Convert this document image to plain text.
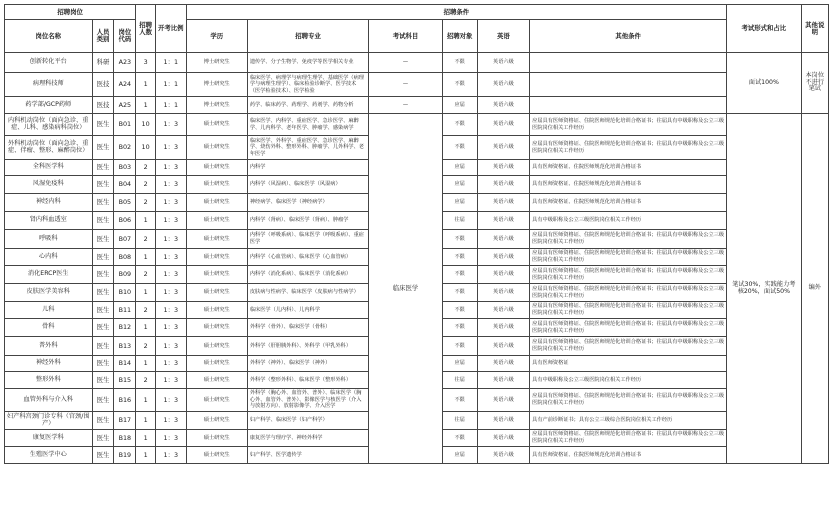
招聘岗位			招聘人数	开考比例	招聘条件						考试形式和占比	其他说明
岗位名称	人员类别	岗位代码			学历	招聘专业	考试科目	招聘对象	英语	其他条件		
创新转化平台	科研	A23	3	1：1	博士研究生	遗传学、分子生物学、免疫学等医学相关专业	—	不限	英语六级		面试100%	本岗位不进行笔试
病理科技师	医技	A24	1	1：1	博士研究生	临床医学、病理学与病理生理学、基础医学（病理学与病理生理学）、临床检验诊断学、医学技术（医学检验技术）、医学检验	—	不限	英语六级			
药学部/GCP药师	医技	A25	1	1：1	博士研究生	药学、临床药学、药理学、药剂学、药物分析	—	应届	英语六级			
内科机动岗位（面向急诊、重症、儿科、感染病科岗位）	医生	B01	10	1：3	硕士研究生	临床医学、内科学、重症医学、急诊医学、麻醉学、儿内科学、老年医学、肿瘤学、感染病学	临床医学	不限	英语六级	应届具有医师资格证、住院医师规范化培训合格证书；往届具有中级职称及公立三级医院岗位相关工作经历	笔试30%，实践能力考核20%，面试50%	编外
外科机动岗位（面向急诊、重症、伴瘤、整形、麻醉岗位）	医生	B02	10	1：3	硕士研究生	临床医学、外科学、重症医学、急诊医学、麻醉学、烧伤外科、整形外科、肿瘤学、儿外科学、老年医学		不限	英语六级	应届具有医师资格证、住院医师规范化培训合格证书；往届具有中级职称及公立三级医院岗位相关工作经历		
全科医学科	医生	B03	2	1：3	硕士研究生	内科学		应届	英语六级	具有医师资格证、住院医师规范化培训合格证书		
风湿免疫科	医生	B04	2	1：3	硕士研究生	内科学（风湿病）、临床医学（风湿病）		应届	英语六级	具有医师资格证、住院医师规范化培训合格证书		
神经内科	医生	B05	2	1：3	硕士研究生	神经病学、临床医学（神经病学）		应届	英语六级	具有医师资格证、住院医师规范化培训合格证书		
肾内科血透室	医生	B06	1	1：3	硕士研究生	内科学（肾病）、临床医学（肾病）、肿瘤学		往届	英语六级	具有中级职称及公立三级医院岗位相关工作经历		
呼吸科	医生	B07	2	1：3	硕士研究生	内科学（呼吸系病）、临床医学（呼吸系病）、重症医学		不限	英语六级	应届具有医师资格证、住院医师规范化培训合格证书；往届具有中级职称及公立三级医院岗位相关工作经历		
心内科	医生	B08	1	1：3	硕士研究生	内科学（心血管病）、临床医学（心血管病）		不限	英语六级	应届具有医师资格证、住院医师规范化培训合格证书；往届具有中级职称及公立三级医院岗位相关工作经历		
消化ERCP医生	医生	B09	2	1：3	硕士研究生	内科学（消化系病）、临床医学（消化系病）		不限	英语六级	应届具有医师资格证、住院医师规范化培训合格证书；往届具有中级职称及公立三级医院岗位相关工作经历		
皮肤医学美容科	医生	B10	1	1：3	硕士研究生	皮肤病与性病学、临床医学（皮肤病与性病学）		不限	英语六级	应届具有医师资格证、住院医师规范化培训合格证书；往届具有中级职称及公立三级医院岗位相关工作经历		
儿科	医生	B11	2	1：3	硕士研究生	临床医学（儿内科）、儿内科学		不限	英语六级	应届具有医师资格证、住院医师规范化培训合格证书；往届具有中级职称及公立三级医院岗位相关工作经历		
骨科	医生	B12	1	1：3	硕士研究生	外科学（骨外）、临床医学（骨科）		不限	英语六级	应届具有医师资格证、住院医师规范化培训合格证书；往届具有中级职称及公立三级医院岗位相关工作经历		
普外科	医生	B13	2	1：3	硕士研究生	外科学（肝胆胰外科）、外科学（甲乳外科）		不限	英语六级	应届具有医师资格证、住院医师规范化培训合格证书；往届具有中级职称及公立三级医院岗位相关工作经历		
神经外科	医生	B14	1	1：3	硕士研究生	外科学（神外）、临床医学（神外）		应届	英语六级	具有医师资格证		
整形外科	医生	B15	2	1：3	硕士研究生	外科学（整形外科）、临床医学（整形外科）		往届	英语六级	具有中级职称及公立三级医院岗位相关工作经历		
血管外科与介入科	医生	B16	1	1：3	硕士研究生	外科学（胸心外、血管外、普外）、临床医学（胸心外、血管外、普外）、影像医学与核医学（介入与放射方向）、放射影像学、介入医学		不限	英语六级	应届具有医师资格证、住院医师规范化培训合格证书；往届具有中级职称及公立三级医院岗位相关工作经历		
妇产科宫颈门诊专科（宫颈/围产）	医生	B17	1	1：3	硕士研究生	妇产科学、临床医学（妇产科学）		往届	英语六级	具有产前诊断证书；具有公立三级综合医院岗位相关工作经历		
康复医学科	医生	B18	1	1：3	硕士研究生	康复医学与理疗学、神经外科学		不限	英语六级	应届具有医师资格证、住院医师规范化培训合格证书；往届具有中级职称及公立三级医院岗位相关工作经历		
生殖医学中心	医生	B19	1	1：3	硕士研究生	妇产科学、医学遗传学		应届	英语六级	具有医师资格证、住院医师规范化培训合格证书		
